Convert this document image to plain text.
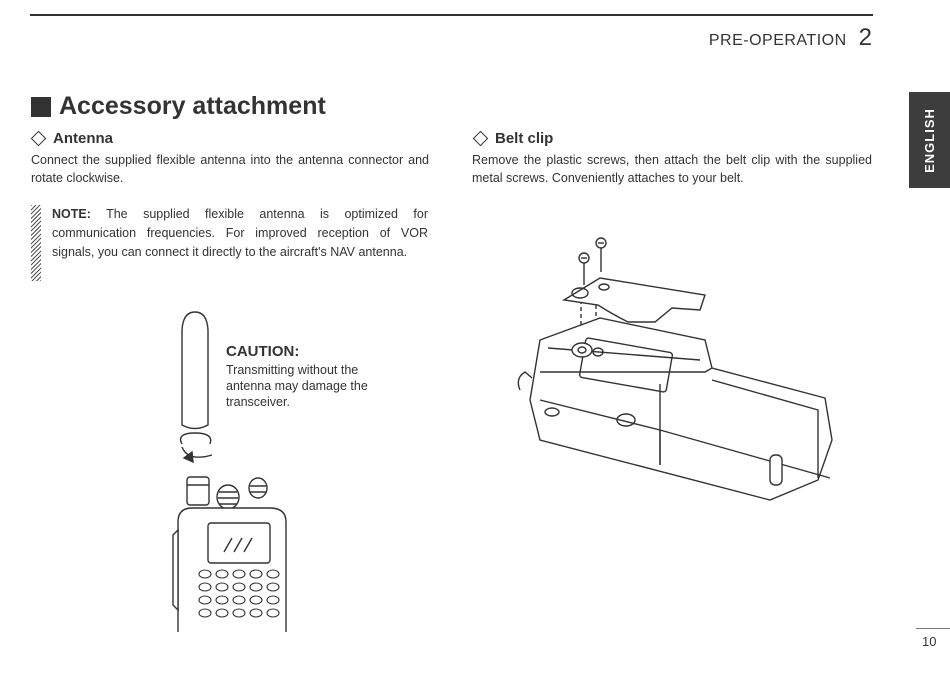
PRE-OPERATION 2
ENGLISH
Accessory attachment
Antenna
Connect the supplied flexible antenna into the antenna connector and rotate clockwise.
NOTE: The supplied flexible antenna is optimized for communication frequencies. For improved reception of VOR signals, you can connect it directly to the aircraft's NAV antenna.
CAUTION:
Transmitting without the antenna may damage the transceiver.
Belt clip
Remove the plastic screws, then attach the belt clip with the supplied metal screws. Conveniently attaches to your belt.
10
